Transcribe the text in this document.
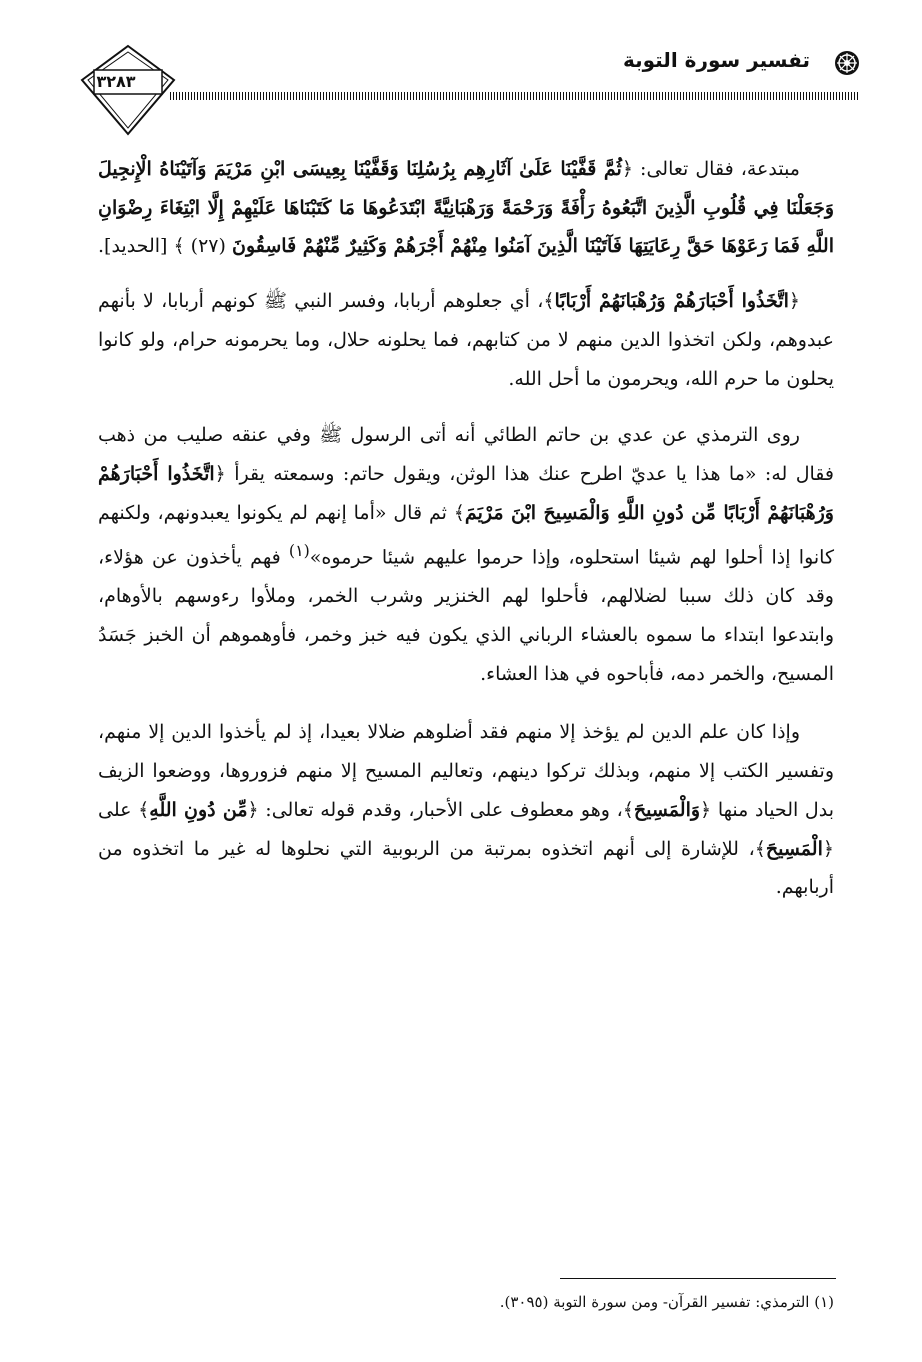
تفسير سورة التوبة
٣٢٨٣

مبتدعة، فقال تعالى: ﴿ثُمَّ قَفَّيْنَا عَلَىٰ آثَارِهِم بِرُسُلِنَا وَقَفَّيْنَا بِعِيسَى ابْنِ مَرْيَمَ وَآتَيْنَاهُ الْإِنجِيلَ وَجَعَلْنَا فِي قُلُوبِ الَّذِينَ اتَّبَعُوهُ رَأْفَةً وَرَحْمَةً وَرَهْبَانِيَّةً ابْتَدَعُوهَا مَا كَتَبْنَاهَا عَلَيْهِمْ إِلَّا ابْتِغَاءَ رِضْوَانِ اللَّهِ فَمَا رَعَوْهَا حَقَّ رِعَايَتِهَا فَآتَيْنَا الَّذِينَ آمَنُوا مِنْهُمْ أَجْرَهُمْ وَكَثِيرٌ مِّنْهُمْ فَاسِقُونَ (٢٧) ﴾ [الحديد].

﴿اتَّخَذُوا أَحْبَارَهُمْ وَرُهْبَانَهُمْ أَرْبَابًا﴾، أي جعلوهم أربابا، وفسر النبي ﷺ كونهم أربابا، لا بأنهم عبدوهم، ولكن اتخذوا الدين منهم لا من كتابهم، فما يحلونه حلال، وما يحرمونه حرام، ولو كانوا يحلون ما حرم الله، ويحرمون ما أحل الله.

روى الترمذي عن عدي بن حاتم الطائي أنه أتى الرسول ﷺ وفي عنقه صليب من ذهب فقال له: «ما هذا يا عديّ اطرح عنك هذا الوثن، ويقول حاتم: وسمعته يقرأ ﴿اتَّخَذُوا أَحْبَارَهُمْ وَرُهْبَانَهُمْ أَرْبَابًا مِّن دُونِ اللَّهِ وَالْمَسِيحَ ابْنَ مَرْيَمَ﴾ ثم قال «أما إنهم لم يكونوا يعبدونهم، ولكنهم كانوا إذا أحلوا لهم شيئا استحلوه، وإذا حرموا عليهم شيئا حرموه»$^{(١)}$ فهم يأخذون عن هؤلاء، وقد كان ذلك سببا لضلالهم، فأحلوا لهم الخنزير وشرب الخمر، وملأوا رءوسهم بالأوهام، وابتدعوا ابتداء ما سموه بالعشاء الرباني الذي يكون فيه خبز وخمر، فأوهموهم أن الخبز جَسَدُ المسيح، والخمر دمه، فأباحوه في هذا العشاء.

وإذا كان علم الدين لم يؤخذ إلا منهم فقد أضلوهم ضلالا بعيدا، إذ لم يأخذوا الدين إلا منهم، وتفسير الكتب إلا منهم، وبذلك تركوا دينهم، وتعاليم المسيح إلا منهم فزوروها، ووضعوا الزيف بدل الحياد منها ﴿وَالْمَسِيحَ﴾، وهو معطوف على الأحبار، وقدم قوله تعالى: ﴿مِّن دُونِ اللَّهِ﴾ على ﴿الْمَسِيحَ﴾، للإشارة إلى أنهم اتخذوه بمرتبة من الربوبية التي نحلوها له غير ما اتخذوه من أربابهم.

(١) الترمذي: تفسير القرآن- ومن سورة التوبة (٣٠٩٥).
